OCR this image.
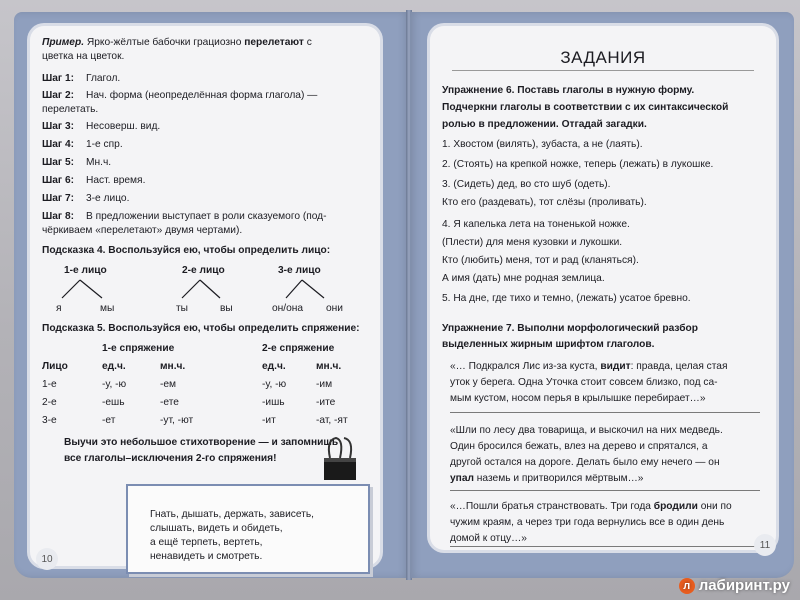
Пример. Ярко-жёлтые бабочки грациозно перелетают с
цветка на цветок.
Шаг 1: Глагол.
Шаг 2: Нач. форма (неопределённая форма глагола) —
перелетать.
Шаг 3: Несоверш. вид.
Шаг 4: 1-е спр.
Шаг 5: Мн.ч.
Шаг 6: Наст. время.
Шаг 7: 3-е лицо.
Шаг 8: В предложении выступает в роли сказуемого (под-
чёркиваем «перелетают» двумя чертами).
Подсказка 4. Воспользуйся ею, чтобы определить лицо:
1-е лицо	2-е лицо	3-е лицо
я	мы	ты	вы	он/она они
Подсказка 5. Воспользуйся ею, чтобы определить спряжение:
1-е спряжение	2-е спряжение
Лицо	ед.ч.	мн.ч.	ед.ч.	мн.ч.
1-е	-у, -ю	-ем	-у, -ю	-им
2-е	-ешь	-ете	-ишь	-ите
3-е	-ет	-ут, -ют	-ит	-ат, -ят
Выучи это небольшое стихотворение — и запомнишь
все глаголы–исключения 2-го спряжения!
Гнать, дышать, держать, зависеть,
слышать, видеть и обидеть,
а ещё терпеть, вертеть,
ненавидеть и смотреть.
10
ЗАДАНИЯ
Упражнение 6. Поставь глаголы в нужную форму.
Подчеркни глаголы в соответствии с их синтаксической
ролью в предложении. Отгадай загадки.
1. Хвостом (вилять), зубаста, а не (лаять).
2. (Стоять) на крепкой ножке, теперь (лежать) в лукошке.
3. (Сидеть) дед, во сто шуб (одеть).
Кто его (раздевать), тот слёзы (проливать).
4. Я капелька лета на тоненькой ножке.
(Плести) для меня кузовки и лукошки.
Кто (любить) меня, тот и рад (кланяться).
А имя (дать) мне родная землица.
5. На дне, где тихо и темно, (лежать) усатое бревно.
Упражнение 7. Выполни морфологический разбор
выделенных жирным шрифтом глаголов.
«… Подкрался Лис из-за куста, видит: правда, целая стая
уток у берега. Одна Уточка стоит совсем близко, под са-
мым кустом, носом перья в крылышке перебирает…»
«Шли по лесу два товарища, и выскочил на них медведь.
Один бросился бежать, влез на дерево и спрятался, а
другой остался на дороге. Делать было ему нечего — он
упал наземь и притворился мёртвым…»
«…Пошли братья странствовать. Три года бродили они по
чужим краям, а через три года вернулись все в один день
домой к отцу…»
11
л лабиринт.ру
